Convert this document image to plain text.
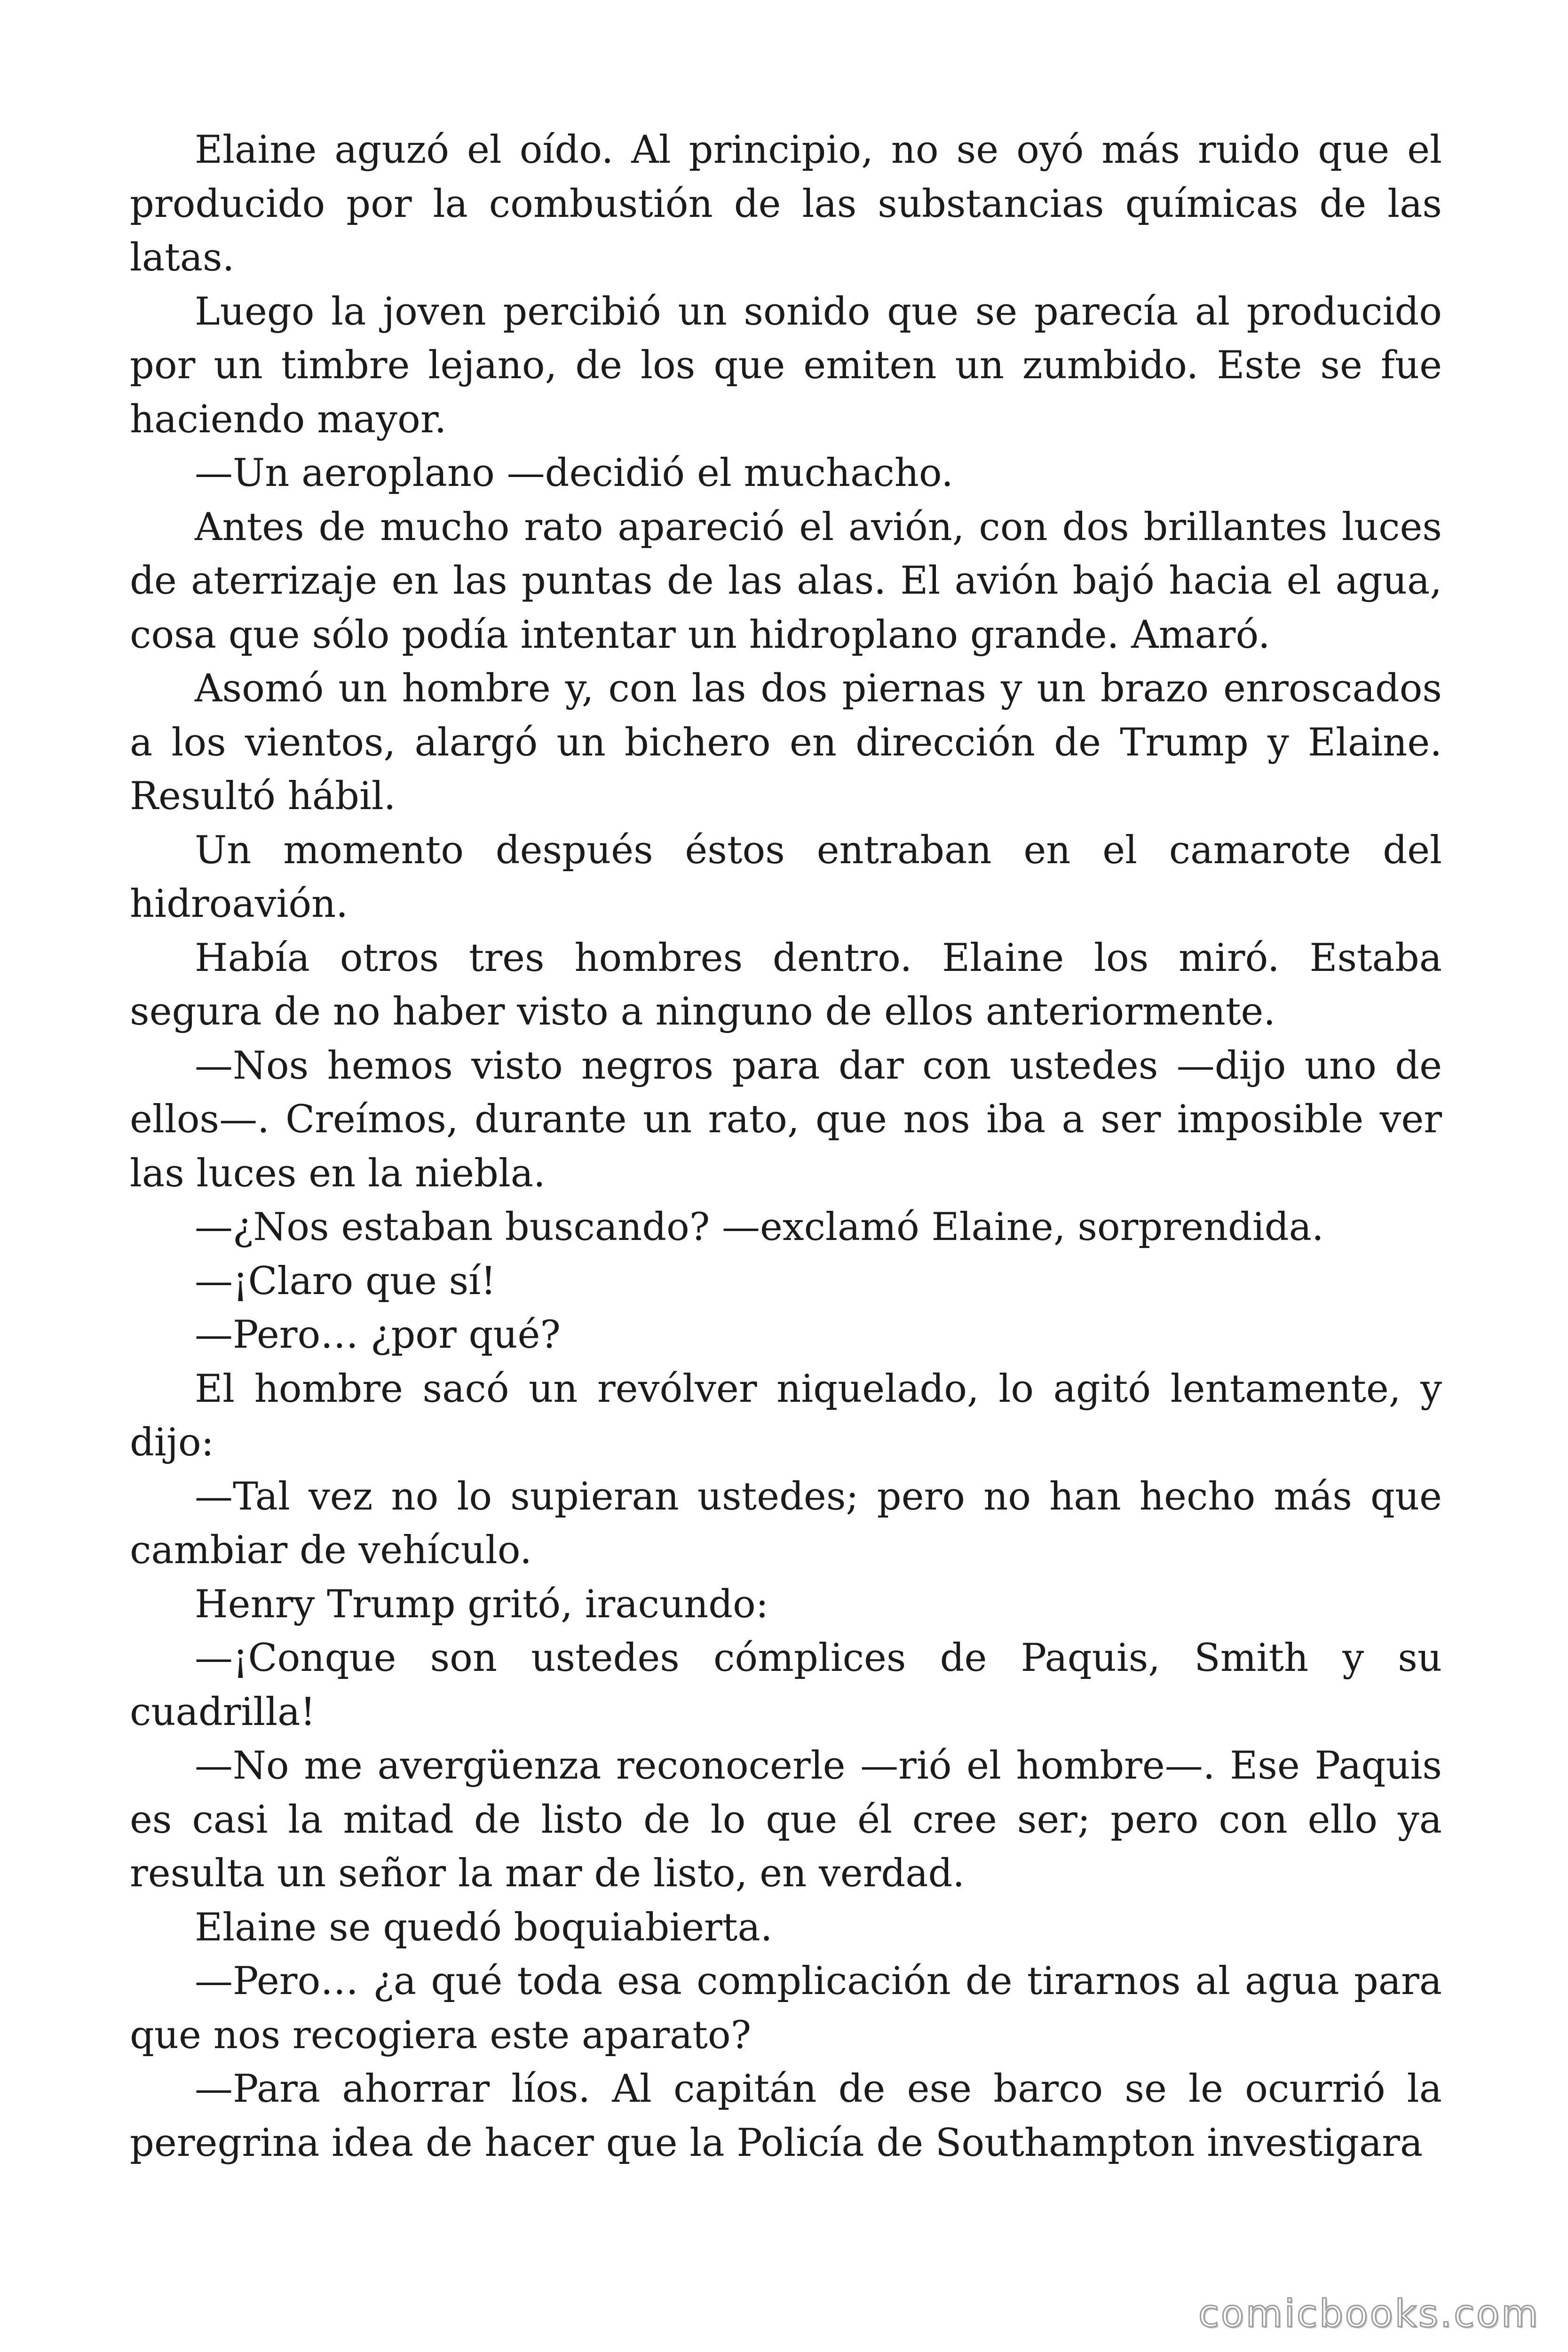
Elaine aguzó el oído. Al principio, no se oyó más ruido que el producido por la combustión de las substancias químicas de las latas.

Luego la joven percibió un sonido que se parecía al producido por un timbre lejano, de los que emiten un zumbido. Este se fue haciendo mayor.

—Un aeroplano —decidió el muchacho.

Antes de mucho rato apareció el avión, con dos brillantes luces de aterrizaje en las puntas de las alas. El avión bajó hacia el agua, cosa que sólo podía intentar un hidroplano grande. Amaró.

Asomó un hombre y, con las dos piernas y un brazo enroscados a los vientos, alargó un bichero en dirección de Trump y Elaine. Resultó hábil.

Un momento después éstos entraban en el camarote del hidroavión.

Había otros tres hombres dentro. Elaine los miró. Estaba segura de no haber visto a ninguno de ellos anteriormente.

—Nos hemos visto negros para dar con ustedes —dijo uno de ellos—. Creímos, durante un rato, que nos iba a ser imposible ver las luces en la niebla.

—¿Nos estaban buscando? —exclamó Elaine, sorprendida.

—¡Claro que sí!

—Pero… ¿por qué?

El hombre sacó un revólver niquelado, lo agitó lentamente, y dijo:

—Tal vez no lo supieran ustedes; pero no han hecho más que cambiar de vehículo.

Henry Trump gritó, iracundo:

—¡Conque son ustedes cómplices de Paquis, Smith y su cuadrilla!

—No me avergüenza reconocerle —rió el hombre—. Ese Paquis es casi la mitad de listo de lo que él cree ser; pero con ello ya resulta un señor la mar de listo, en verdad.

Elaine se quedó boquiabierta.

—Pero… ¿a qué toda esa complicación de tirarnos al agua para que nos recogiera este aparato?

—Para ahorrar líos. Al capitán de ese barco se le ocurrió la peregrina idea de hacer que la Policía de Southampton investigara

comicbooks.com
